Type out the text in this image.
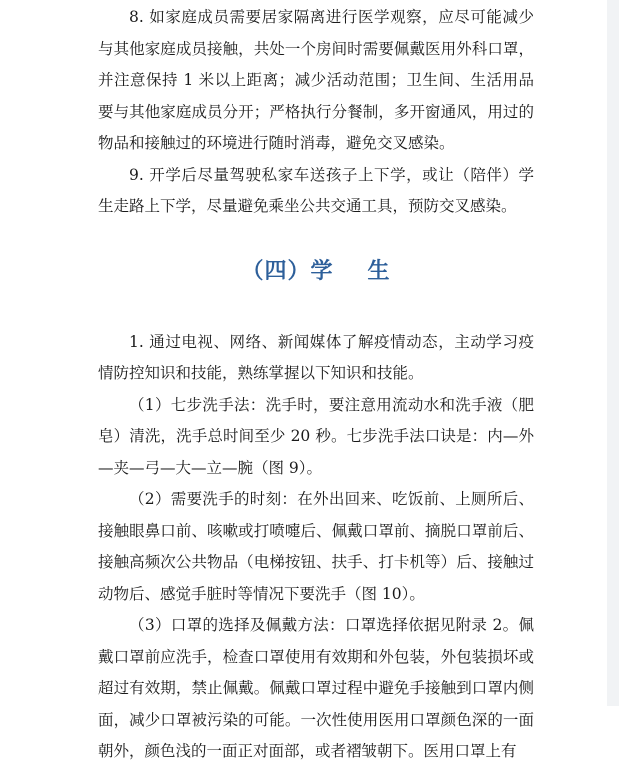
8. 如家庭成员需要居家隔离进行医学观察，应尽可能减少与其他家庭成员接触，共处一个房间时需要佩戴医用外科口罩，并注意保持 1 米以上距离；减少活动范围；卫生间、生活用品要与其他家庭成员分开；严格执行分餐制，多开窗通风，用过的物品和接触过的环境进行随时消毒，避免交叉感染。

9. 开学后尽量驾驶私家车送孩子上下学，或让（陪伴）学生走路上下学，尽量避免乘坐公共交通工具，预防交叉感染。

（四）学 生

1. 通过电视、网络、新闻媒体了解疫情动态，主动学习疫情防控知识和技能，熟练掌握以下知识和技能。

（1）七步洗手法：洗手时，要注意用流动水和洗手液（肥皂）清洗，洗手总时间至少 20 秒。七步洗手法口诀是：内—外—夹—弓—大—立—腕（图 9）。

（2）需要洗手的时刻：在外出回来、吃饭前、上厕所后、接触眼鼻口前、咳嗽或打喷嚏后、佩戴口罩前、摘脱口罩前后、接触高频次公共物品（电梯按钮、扶手、打卡机等）后、接触过动物后、感觉手脏时等情况下要洗手（图 10）。

（3）口罩的选择及佩戴方法：口罩选择依据见附录 2。佩戴口罩前应洗手，检查口罩使用有效期和外包装，外包装损坏或超过有效期，禁止佩戴。佩戴口罩过程中避免手接触到口罩内侧面，减少口罩被污染的可能。一次性使用医用口罩颜色深的一面朝外，颜色浅的一面正对面部，或者褶皱朝下。医用口罩上有
